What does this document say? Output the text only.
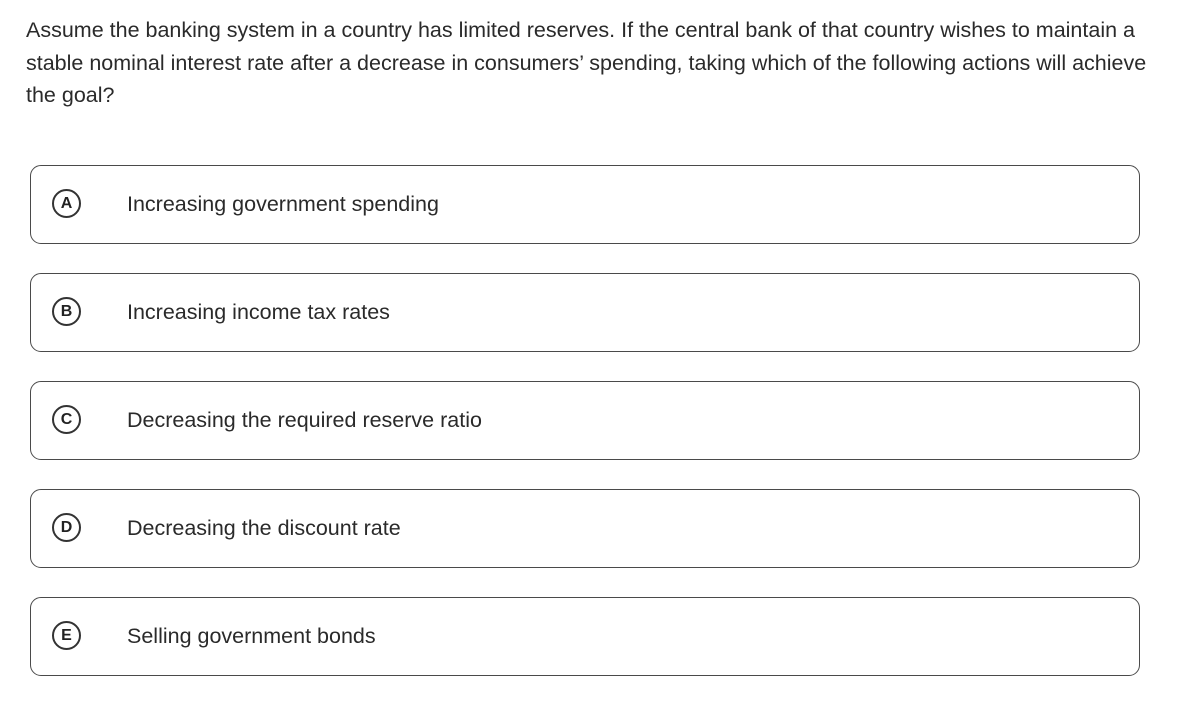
Assume the banking system in a country has limited reserves. If the central bank of that country wishes to maintain a stable nominal interest rate after a decrease in consumers’ spending, taking which of the following actions will achieve the goal?

A	Increasing government spending
B	Increasing income tax rates
C	Decreasing the required reserve ratio
D	Decreasing the discount rate
E	Selling government bonds
